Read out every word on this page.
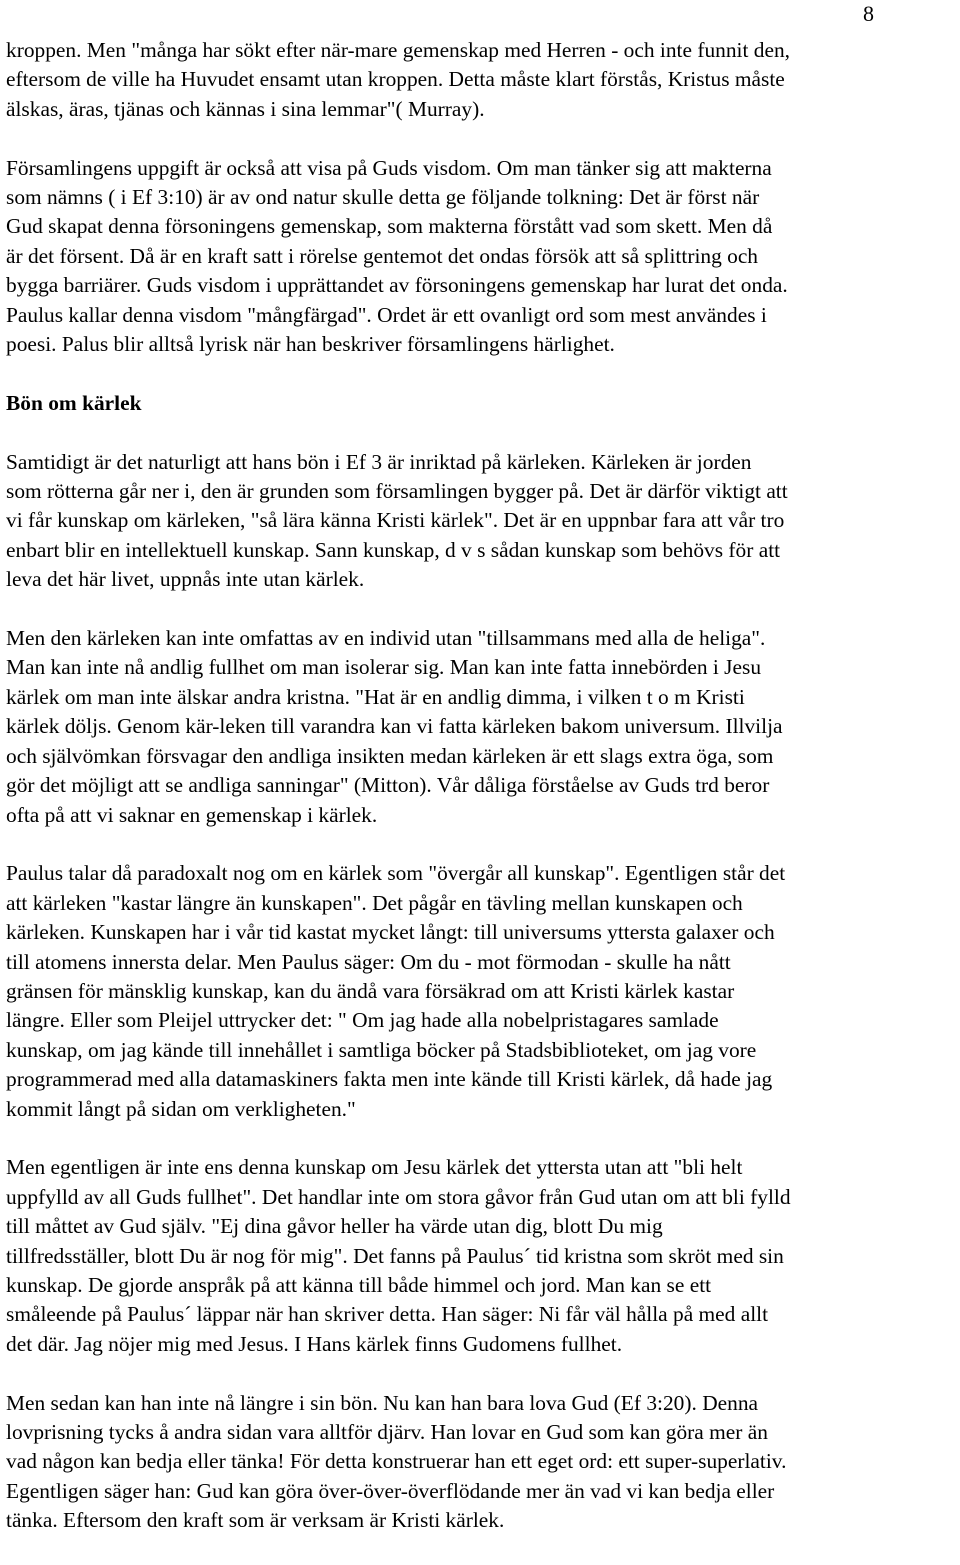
8

kroppen. Men "många har sökt efter när-mare gemenskap med Herren - och inte funnit den,
eftersom de ville ha Huvudet ensamt utan kroppen. Detta måste klart förstås, Kristus måste
älskas, äras, tjänas och kännas i sina lemmar"( Murray).

Församlingens uppgift är också att visa på Guds visdom. Om man tänker sig att makterna
som nämns ( i Ef 3:10) är av ond natur skulle detta ge följande tolkning: Det är först när
Gud skapat denna försoningens gemenskap, som makterna förstått vad som skett. Men då
är det försent. Då är en kraft satt i rörelse gentemot det ondas försök att så splittring och
bygga barriärer. Guds visdom i upprättandet av försoningens gemenskap har lurat det onda.
Paulus kallar denna visdom "mångfärgad". Ordet är ett ovanligt ord som mest användes i
poesi. Palus blir alltså lyrisk när han beskriver församlingens härlighet.

Bön om kärlek

Samtidigt är det naturligt att hans bön i Ef 3 är inriktad på kärleken. Kärleken är jorden
som rötterna går ner i, den är grunden som församlingen bygger på. Det är därför viktigt att
vi får kunskap om kärleken, "så lära känna Kristi kärlek". Det är en uppnbar fara att vår tro
enbart blir en intellektuell kunskap. Sann kunskap, d v s sådan kunskap som behövs för att
leva det här livet, uppnås inte utan kärlek.

Men den kärleken kan inte omfattas av en individ utan "tillsammans med alla de heliga".
Man kan inte nå andlig fullhet om man isolerar sig. Man kan inte fatta innebörden i Jesu
kärlek om man inte älskar andra kristna. "Hat är en andlig dimma, i vilken t o m Kristi
kärlek döljs. Genom kär-leken till varandra kan vi fatta kärleken bakom universum. Illvilja
och självömkan försvagar den andliga insikten medan kärleken är ett slags extra öga, som
gör det möjligt att se andliga sanningar" (Mitton). Vår dåliga förståelse av Guds trd beror
ofta på att vi saknar en gemenskap i kärlek.

Paulus talar då paradoxalt nog om en kärlek som "övergår all kunskap". Egentligen står det
att kärleken "kastar längre än kunskapen". Det pågår en tävling mellan kunskapen och
kärleken. Kunskapen har i vår tid kastat mycket långt: till universums yttersta galaxer och
till atomens innersta delar. Men Paulus säger: Om du - mot förmodan - skulle ha nått
gränsen för mänsklig kunskap, kan du ändå vara försäkrad om att Kristi kärlek kastar
längre. Eller som Pleijel uttrycker det: " Om jag hade alla nobelpristagares samlade
kunskap, om jag kände till innehållet i samtliga böcker på Stadsbiblioteket, om jag vore
programmerad med alla datamaskiners fakta men inte kände till Kristi kärlek, då hade jag
kommit långt på sidan om verkligheten."

Men egentligen är inte ens denna kunskap om Jesu kärlek det yttersta utan att "bli helt
uppfylld av all Guds fullhet". Det handlar inte om stora gåvor från Gud utan om att bli fylld
till måttet av Gud själv. "Ej dina gåvor heller ha värde utan dig, blott Du mig
tillfredsställer, blott Du är nog för mig". Det fanns på Paulus´ tid kristna som skröt med sin
kunskap. De gjorde anspråk på att känna till både himmel och jord. Man kan se ett
småleende på Paulus´ läppar när han skriver detta. Han säger: Ni får väl hålla på med allt
det där. Jag nöjer mig med Jesus. I Hans kärlek finns Gudomens fullhet.

Men sedan kan han inte nå längre i sin bön. Nu kan han bara lova Gud (Ef 3:20). Denna
lovprisning tycks å andra sidan vara alltför djärv. Han lovar en Gud som kan göra mer än
vad någon kan bedja eller tänka! För detta konstruerar han ett eget ord: ett super-superlativ.
Egentligen säger han: Gud kan göra över-över-överflödande mer än vad vi kan bedja eller
tänka. Eftersom den kraft som är verksam är Kristi kärlek.
